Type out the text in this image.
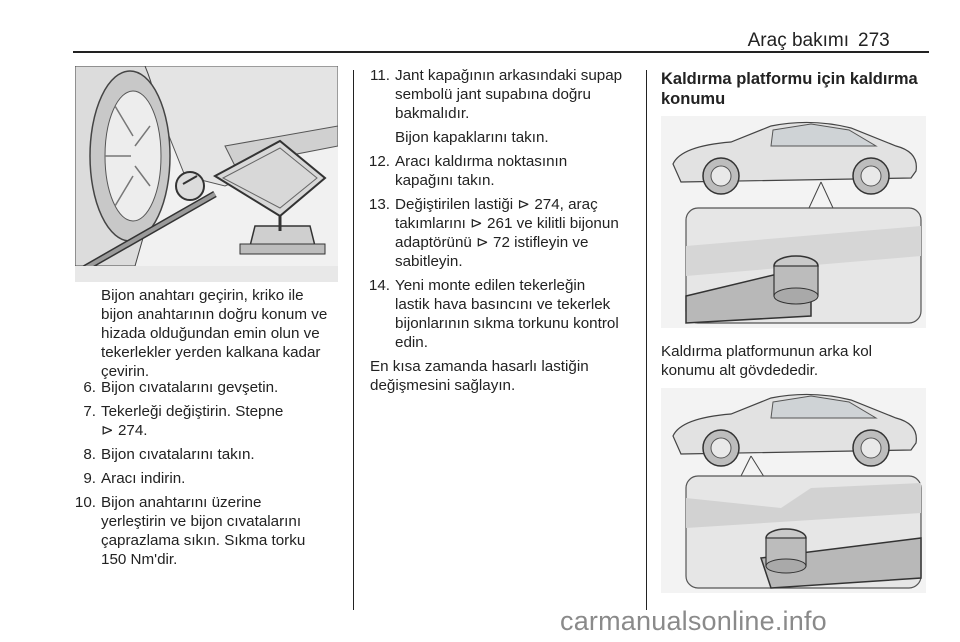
Araç bakımı 273
Bijon anahtarı geçirin, kriko ile
bijon anahtarının doğru konum ve
hizada olduğundan emin olun ve
tekerlekler yerden kalkana kadar
çevirin.
6. Bijon cıvatalarını gevşetin.
7. Tekerleği değiştirin. Stepne
⊳ 274.
8. Bijon cıvatalarını takın.
9. Aracı indirin.
10. Bijon anahtarını üzerine
yerleştirin ve bijon cıvatalarını
çaprazlama sıkın. Sıkma torku
150 Nm'dir.
11. Jant kapağının arkasındaki supap
sembolü jant supabına doğru
bakmalıdır.
Bijon kapaklarını takın.
12. Aracı kaldırma noktasının
kapağını takın.
13. Değiştirilen lastiği ⊳ 274, araç
takımlarını ⊳ 261 ve kilitli bijonun
adaptörünü ⊳ 72 istifleyin ve
sabitleyin.
14. Yeni monte edilen tekerleğin
lastik hava basıncını ve tekerlek
bijonlarının sıkma torkunu kontrol
edin.
En kısa zamanda hasarlı lastiğin
değişmesini sağlayın.
Kaldırma platformu için kaldırma
konumu
Kaldırma platformunun arka kol
konumu alt gövdededir.
carmanualsonline.info
